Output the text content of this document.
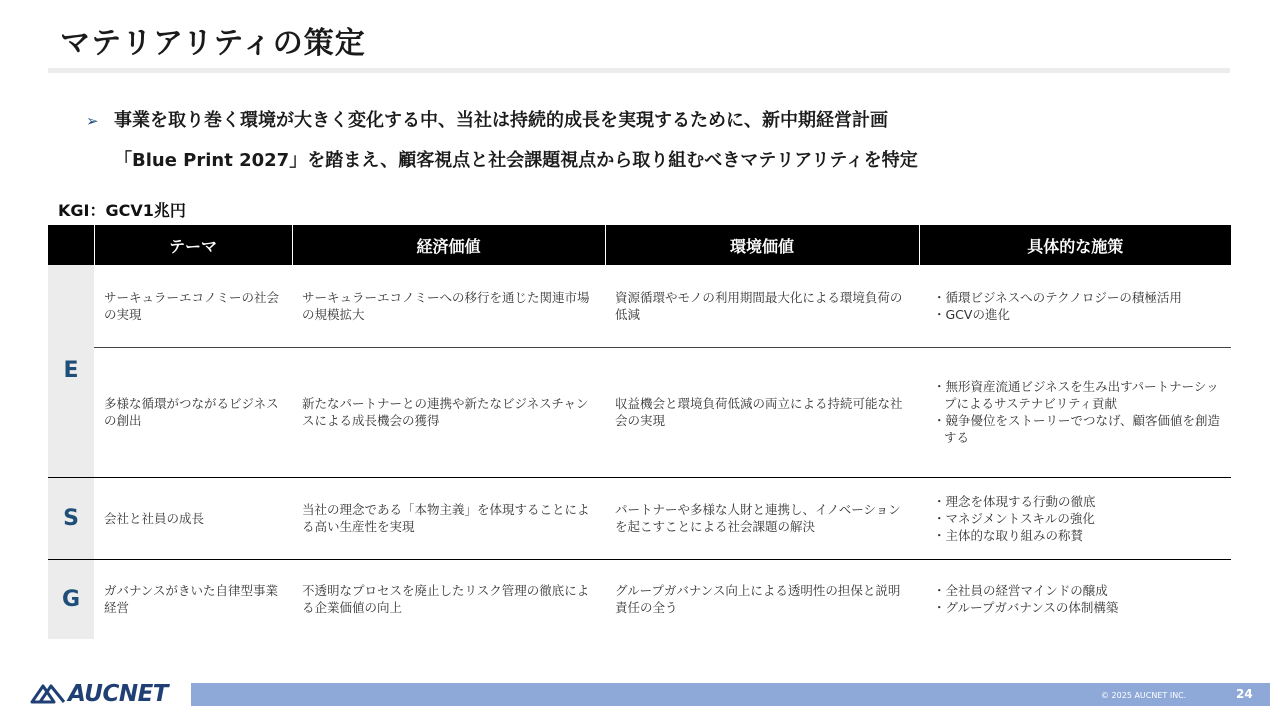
マテリアリティの策定
➢ 事業を取り巻く環境が大きく変化する中、当社は持続的成長を実現するために、新中期経営計画
「Blue Print 2027」を踏まえ、顧客視点と社会課題視点から取り組むべきマテリアリティを特定
KGI：GCV1兆円
	テーマ	経済価値	環境価値	具体的な施策
E	サーキュラーエコノミーの社会の実現	サーキュラーエコノミーへの移行を通じた関連市場の規模拡大	資源循環やモノの利用期間最大化による環境負荷の低減	・循環ビジネスへのテクノロジーの積極活用
・GCVの進化

	多様な循環がつながるビジネスの創出	新たなパートナーとの連携や新たなビジネスチャンスによる成長機会の獲得	収益機会と環境負荷低減の両立による持続可能な社会の実現	・無形資産流通ビジネスを生み出すパートナーシップによるサステナビリティ貢献
・競争優位をストーリーでつなげ、顧客価値を創造する

S	会社と社員の成長	当社の理念である「本物主義」を体現することによる高い生産性を実現	パートナーや多様な人財と連携し、イノベーションを起こすことによる社会課題の解決	・理念を体現する行動の徹底
・マネジメントスキルの強化
・主体的な取り組みの称賛

G	ガバナンスがきいた自律型事業経営	不透明なプロセスを廃止したリスク管理の徹底による企業価値の向上	グループガバナンス向上による透明性の担保と説明責任の全う	・全社員の経営マインドの醸成
・グループガバナンスの体制構築
AUCNET	© 2025 AUCNET INC.	24
